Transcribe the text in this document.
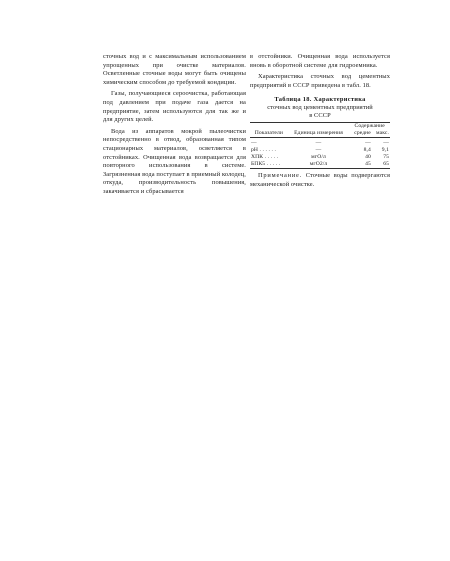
сточных вод и с максимальным использованием упрощенных при очистке материалов. Осветленные сточные воды могут быть очищены химическим способом до требуемой кондиции.

Газы, получающиеся сероочистка, работающая под давлением при подаче газа дается на предприятие, затем используются для так же и для других целей.

Вода из аппаратов мокрой пылеочистки непосредственно в отвод, образованная типом стационарных материалов, осветляется в отстойниках. Очищенная вода возвращается для повторного использования в системе. Загрязненная вода поступает в приемный колодец, откуда, производительность повышения, закачивается и сбрасывается

в отстойники. Очищенная вода используется вновь в оборотной системе для гидроемника.

Характеристика сточных вод цементных предприятий в СССР приведена в табл. 18.

Таблица 18. Характеристика
сточных вод цементных предприятий
в СССР
		Содержание	
Показатели	Единица измерения	средне	макс.
—	—	—	—
pH . . . . . .	—	8,4	9,1
ХПК . . . . .	мгО/л	40	75
БПК5 . . . . .	мгО2/л	45	65

Примечание. Сточные воды подвергаются механической очистке.
